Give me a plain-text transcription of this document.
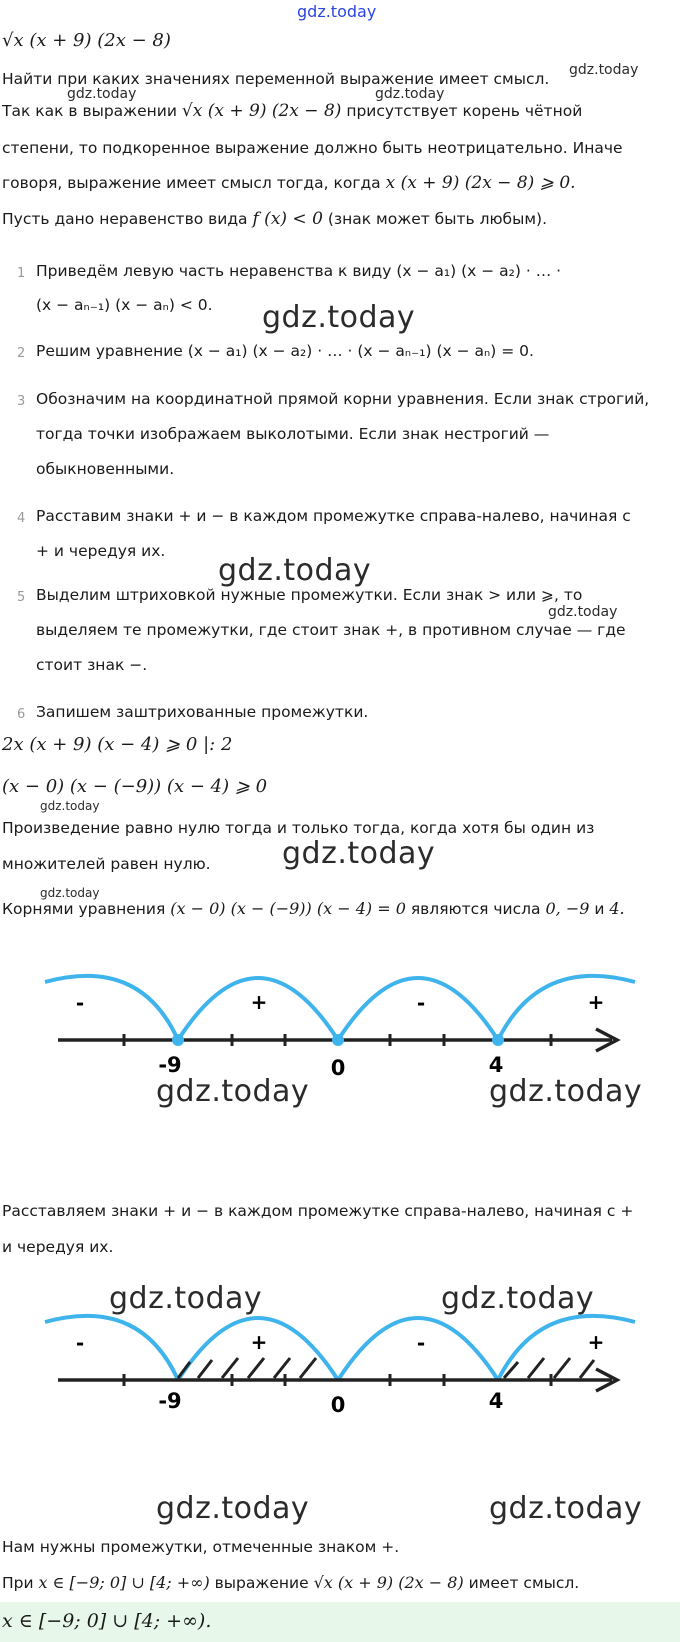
gdz.today
√x (x + 9) (2x − 8)
Найти при каких значениях переменной выражение имеет смысл. gdz.today
gdz.today	gdz.today
Так как в выражении √x (x + 9) (2x − 8) присутствует корень чётной
степени, то подкоренное выражение должно быть неотрицательно. Иначе
говоря, выражение имеет смысл тогда, когда x (x + 9) (2x − 8) ⩾ 0.
Пусть дано неравенство вида f (x) < 0 (знак может быть любым).
1 Приведём левую часть неравенства к виду (x − a₁) (x − a₂) · … ·
(x − aₙ₋₁) (x − aₙ) < 0. gdz.today
2 Решим уравнение (x − a₁) (x − a₂) · … · (x − aₙ₋₁) (x − aₙ) = 0.
3 Обозначим на координатной прямой корни уравнения. Если знак строгий,
тогда точки изображаем выколотыми. Если знак нестрогий —
обыкновенными.
4 Расставим знаки + и − в каждом промежутке справа-налево, начиная с
+ и чередуя их.
gdz.today
5 Выделим штриховкой нужные промежутки. Если знак > или ⩾, то
gdz.today
выделяем те промежутки, где стоит знак +, в противном случае — где
стоит знак −.
6 Запишем заштрихованные промежутки.
2x (x + 9) (x − 4) ⩾ 0 |: 2
(x − 0) (x − (−9)) (x − 4) ⩾ 0
gdz.today
Произведение равно нулю тогда и только тогда, когда хотя бы один из
множителей равен нулю. gdz.today
gdz.today
Корнями уравнения (x − 0) (x − (−9)) (x − 4) = 0 являются числа 0, −9 и 4.
-9	0	4
-	+	-	+
gdz.today	gdz.today
Расставляем знаки + и − в каждом промежутке справа-налево, начиная с +
и чередуя их.
gdz.today	gdz.today
-9	0	4
-	+	-	+
gdz.today	gdz.today
Нам нужны промежутки, отмеченные знаком +.
При x ∈ [−9; 0] ∪ [4; +∞) выражение √x (x + 9) (2x − 8) имеет смысл.
x ∈ [−9; 0] ∪ [4; +∞).
